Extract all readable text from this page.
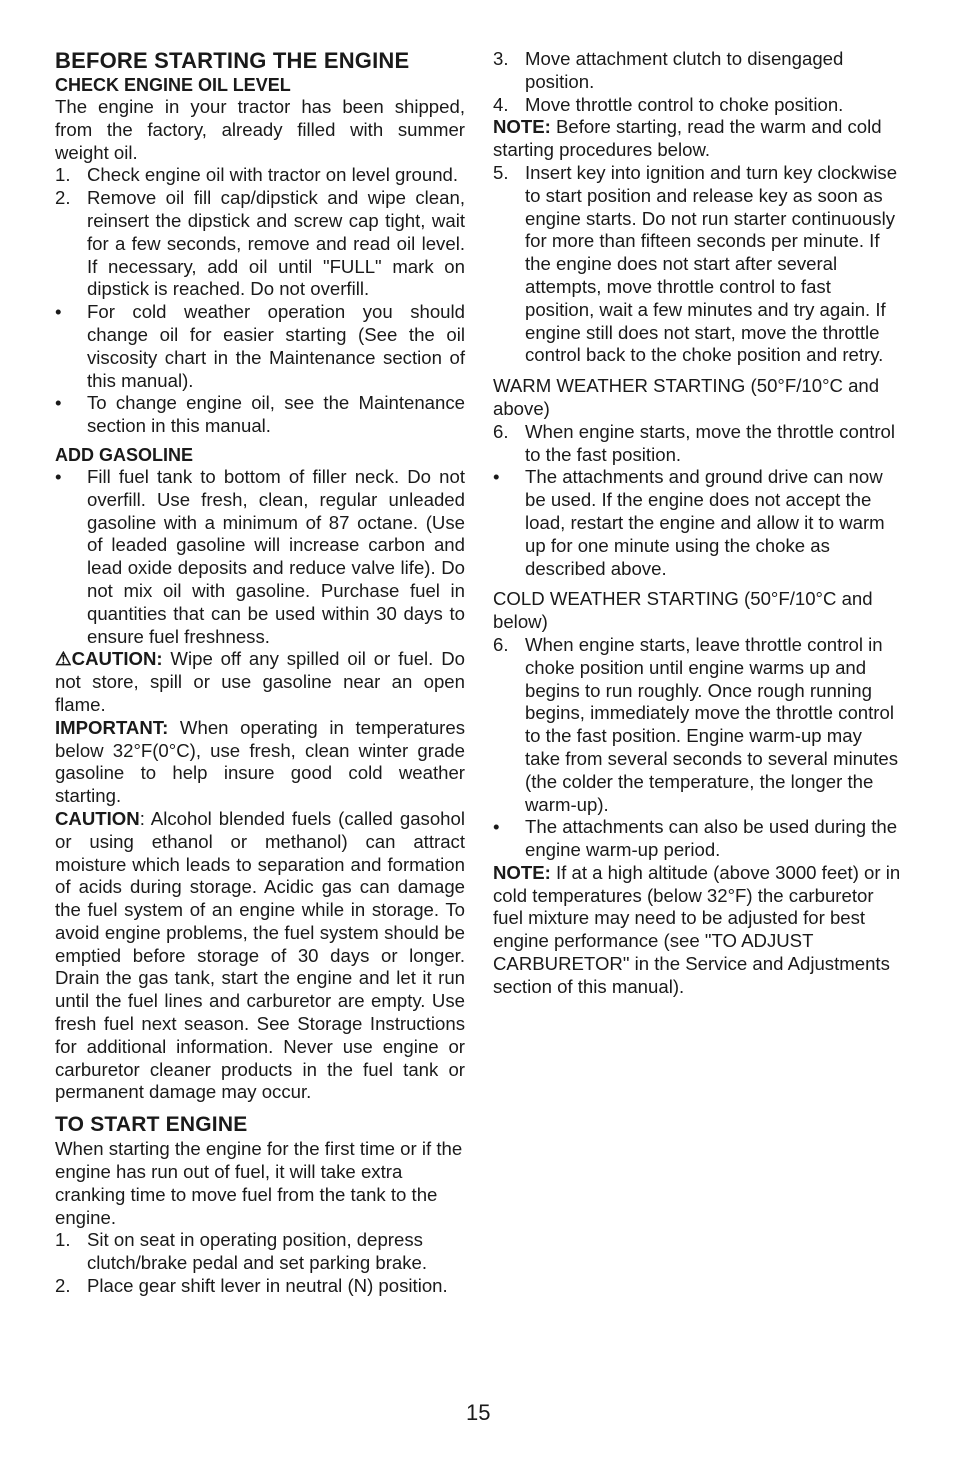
BEFORE STARTING THE ENGINE
CHECK ENGINE OIL LEVEL

The engine in your tractor has been shipped, from the factory, already filled with summer weight oil.

1. Check engine oil with tractor on level ground.
2. Remove oil fill cap/dipstick and wipe clean, reinsert the dipstick and screw cap tight, wait for a few seconds, remove and read oil level. If necessary, add oil until "FULL" mark on dipstick is reached. Do not overfill.
•	For cold weather operation you should change oil for easier starting (See the oil viscosity chart in the Maintenance section of this manual).
•	To change engine oil, see the Maintenance section in this manual.
ADD GASOLINE
•	Fill fuel tank to bottom of filler neck. Do not overfill. Use fresh, clean, regular unleaded gasoline with a minimum of 87 octane. (Use of leaded gasoline will increase carbon and lead oxide deposits and reduce valve life). Do not mix oil with gasoline. Purchase fuel in quantities that can be used within 30 days to ensure fuel freshness.

⚠CAUTION: Wipe off any spilled oil or fuel. Do not store, spill or use gasoline near an open flame.

IMPORTANT: When operating in temperatures below 32°F(0°C), use fresh, clean winter grade gasoline to help insure good cold weather starting.

CAUTION: Alcohol blended fuels (called gasohol or using ethanol or methanol) can attract moisture which leads to separation and formation of acids during storage. Acidic gas can damage the fuel system of an engine while in storage. To avoid engine problems, the fuel system should be emptied before storage of 30 days or longer. Drain the gas tank, start the engine and let it run until the fuel lines and carburetor are empty. Use fresh fuel next season. See Storage Instructions for additional information. Never use engine or carburetor cleaner products in the fuel tank or permanent damage may occur.

TO START ENGINE

When starting the engine for the first time or if the engine has run out of fuel, it will take extra cranking time to move fuel from the tank to the engine.

1. Sit on seat in operating position, depress clutch/brake pedal and set parking brake.
2. Place gear shift lever in neutral (N) position.
3. Move attachment clutch to disengaged position.
4. Move throttle control to choke position.

NOTE: Before starting, read the warm and cold starting procedures below.

5. Insert key into ignition and turn key clockwise to start position and release key as soon as engine starts. Do not run starter continuously for more than fifteen seconds per minute. If the engine does not start after several attempts, move throttle control to fast position, wait a few minutes and try again. If engine still does not start, move the throttle control back to the choke position and retry.

WARM WEATHER STARTING (50°F/10°C and above)

6. When engine starts, move the throttle control to the fast position.
•	The attachments and ground drive can now be used. If the engine does not accept the load, restart the engine and allow it to warm up for one minute using the choke as described above.

COLD WEATHER STARTING (50°F/10°C and below)

6. When engine starts, leave throttle control in choke position until engine warms up and begins to run roughly. Once rough running begins, immediately move the throttle control to the fast position. Engine warm-up may take from several seconds to several minutes (the colder the temperature, the longer the warm-up).
•	The attachments can also be used during the engine warm-up period.

NOTE: If at a high altitude (above 3000 feet) or in cold temperatures (below 32°F) the carburetor fuel mixture may need to be adjusted for best engine performance (see "TO ADJUST CARBURETOR" in the Service and Adjustments section of this manual).

15
